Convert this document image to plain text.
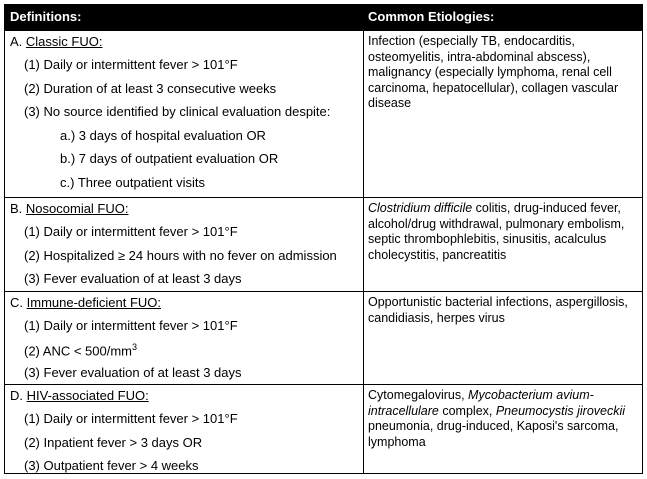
Definitions:	Common Etiologies:
A. Classic FUO:
(1) Daily or intermittent fever > 101°F
(2) Duration of at least 3 consecutive weeks
(3) No source identified by clinical evaluation despite:
a.) 3 days of hospital evaluation OR
b.) 7 days of outpatient evaluation OR
c.) Three outpatient visits
Infection (especially TB, endocarditis, osteomyelitis, intra-abdominal abscess), malignancy (especially lymphoma, renal cell carcinoma, hepatocellular), collagen vascular disease
B. Nosocomial FUO:
(1) Daily or intermittent fever > 101°F
(2) Hospitalized ≥ 24 hours with no fever on admission
(3) Fever evaluation of at least 3 days
Clostridium difficile colitis, drug-induced fever, alcohol/drug withdrawal, pulmonary embolism, septic thrombophlebitis, sinusitis, acalculus cholecystitis, pancreatitis
C. Immune-deficient FUO:
(1) Daily or intermittent fever > 101°F
(2) ANC < $500/mm^3$
(3) Fever evaluation of at least 3 days
Opportunistic bacterial infections, aspergillosis, candidiasis, herpes virus
D. HIV-associated FUO:
(1) Daily or intermittent fever > 101°F
(2) Inpatient fever > 3 days OR
(3) Outpatient fever > 4 weeks
Cytomegalovirus, Mycobacterium avium-intracellulare complex, Pneumocystis jiroveckii pneumonia, drug-induced, Kaposi's sarcoma, lymphoma
